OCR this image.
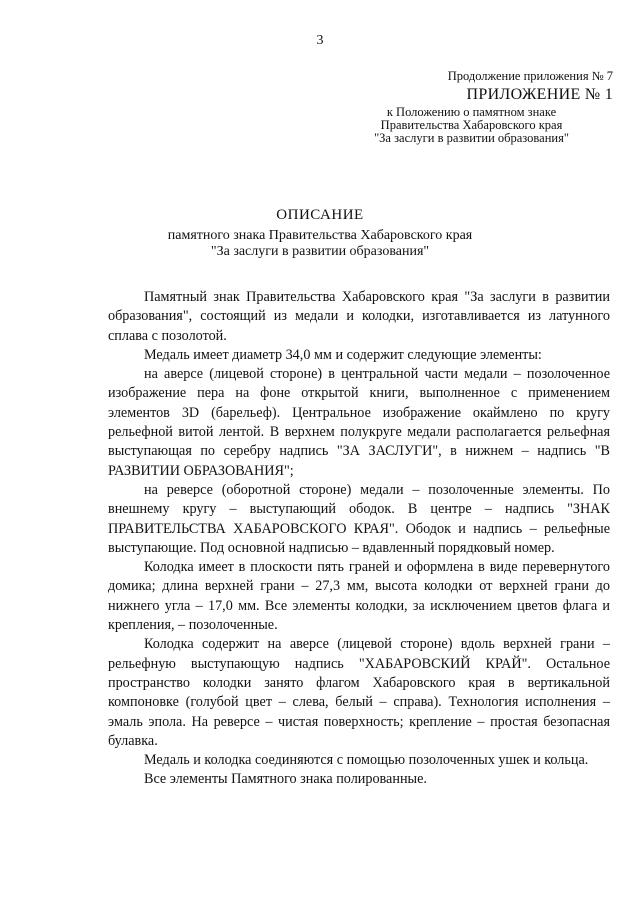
3
Продолжение приложения № 7
ПРИЛОЖЕНИЕ № 1
к Положению о памятном знаке
Правительства Хабаровского края
"За заслуги в развитии образования"
ОПИСАНИЕ
памятного знака Правительства Хабаровского края
"За заслуги в развитии образования"

Памятный знак Правительства Хабаровского края "За заслуги в развитии образования", состоящий из медали и колодки, изготавливается из латунного сплава с позолотой.

Медаль имеет диаметр 34,0 мм и содержит следующие элементы:

на аверсе (лицевой стороне) в центральной части медали – позолоченное изображение пера на фоне открытой книги, выполненное с применением элементов 3D (барельеф). Центральное изображение окаймлено по кругу рельефной витой лентой. В верхнем полукруге медали располагается рельефная выступающая по серебру надпись "ЗА ЗАСЛУГИ", в нижнем – надпись "В РАЗВИТИИ ОБРАЗОВАНИЯ";

на реверсе (оборотной стороне) медали – позолоченные элементы. По внешнему кругу – выступающий ободок. В центре – надпись "ЗНАК ПРАВИТЕЛЬСТВА ХАБАРОВСКОГО КРАЯ". Ободок и надпись – рельефные выступающие. Под основной надписью – вдавленный порядковый номер.

Колодка имеет в плоскости пять граней и оформлена в виде перевернутого домика; длина верхней грани – 27,3 мм, высота колодки от верхней грани до нижнего угла – 17,0 мм. Все элементы колодки, за исключением цветов флага и крепления, – позолоченные.

Колодка содержит на аверсе (лицевой стороне) вдоль верхней грани – рельефную выступающую надпись "ХАБАРОВСКИЙ КРАЙ". Остальное пространство колодки занято флагом Хабаровского края в вертикальной компоновке (голубой цвет – слева, белый – справа). Технология исполнения – эмаль эпола. На реверсе – чистая поверхность; крепление – простая безопасная булавка.

Медаль и колодка соединяются с помощью позолоченных ушек и кольца.

Все элементы Памятного знака полированные.
